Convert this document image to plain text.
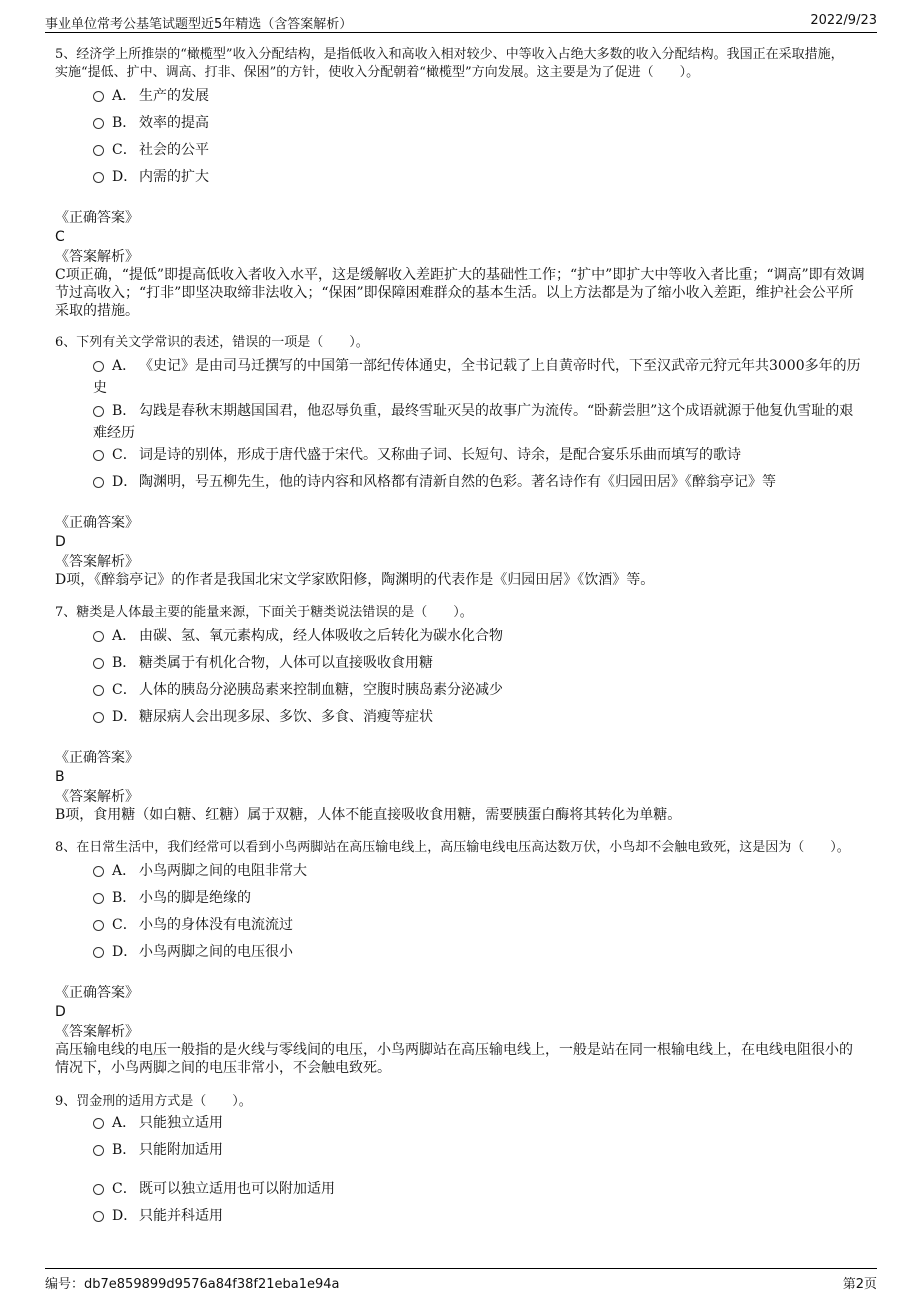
事业单位常考公基笔试题型近5年精选（含答案解析）	2022/9/23
5、经济学上所推崇的“橄榄型”收入分配结构，是指低收入和高收入相对较少、中等收入占绝大多数的收入分配结构。我国正在采取措施，实施“提低、扩中、调高、打非、保困”的方针，使收入分配朝着“橄榄型”方向发展。这主要是为了促进（　　）。
A． 生产的发展
B． 效率的提高
C． 社会的公平
D． 内需的扩大
《正确答案》
C
《答案解析》
C项正确，“提低”即提高低收入者收入水平，这是缓解收入差距扩大的基础性工作；“扩中”即扩大中等收入者比重；“调高”即有效调节过高收入；“打非”即坚决取缔非法收入；“保困”即保障困难群众的基本生活。以上方法都是为了缩小收入差距，维护社会公平所采取的措施。
6、下列有关文学常识的表述，错误的一项是（　　）。
A． 《史记》是由司马迁撰写的中国第一部纪传体通史，全书记载了上自黄帝时代，下至汉武帝元狩元年共3000多年的历史
B． 勾践是春秋末期越国国君，他忍辱负重，最终雪耻灭吴的故事广为流传。“卧薪尝胆”这个成语就源于他复仇雪耻的艰难经历
C． 词是诗的别体，形成于唐代盛于宋代。又称曲子词、长短句、诗余，是配合宴乐乐曲而填写的歌诗
D． 陶渊明，号五柳先生，他的诗内容和风格都有清新自然的色彩。著名诗作有《归园田居》《醉翁亭记》等
《正确答案》
D
《答案解析》
D项，《醉翁亭记》的作者是我国北宋文学家欧阳修，陶渊明的代表作是《归园田居》《饮酒》等。
7、糖类是人体最主要的能量来源，下面关于糖类说法错误的是（　　）。
A． 由碳、氢、氧元素构成，经人体吸收之后转化为碳水化合物
B． 糖类属于有机化合物，人体可以直接吸收食用糖
C． 人体的胰岛分泌胰岛素来控制血糖，空腹时胰岛素分泌减少
D． 糖尿病人会出现多尿、多饮、多食、消瘦等症状
《正确答案》
B
《答案解析》
B项，食用糖（如白糖、红糖）属于双糖，人体不能直接吸收食用糖，需要胰蛋白酶将其转化为单糖。
8、在日常生活中，我们经常可以看到小鸟两脚站在高压输电线上，高压输电线电压高达数万伏，小鸟却不会触电致死，这是因为（　　）。
A． 小鸟两脚之间的电阻非常大
B． 小鸟的脚是绝缘的
C． 小鸟的身体没有电流流过
D． 小鸟两脚之间的电压很小
《正确答案》
D
《答案解析》
高压输电线的电压一般指的是火线与零线间的电压，小鸟两脚站在高压输电线上，一般是站在同一根输电线上，在电线电阻很小的情况下，小鸟两脚之间的电压非常小，不会触电致死。
9、罚金刑的适用方式是（　　）。
A． 只能独立适用
B． 只能附加适用
C． 既可以独立适用也可以附加适用
D． 只能并科适用
编号：db7e859899d9576a84f38f21eba1e94a	第2页
